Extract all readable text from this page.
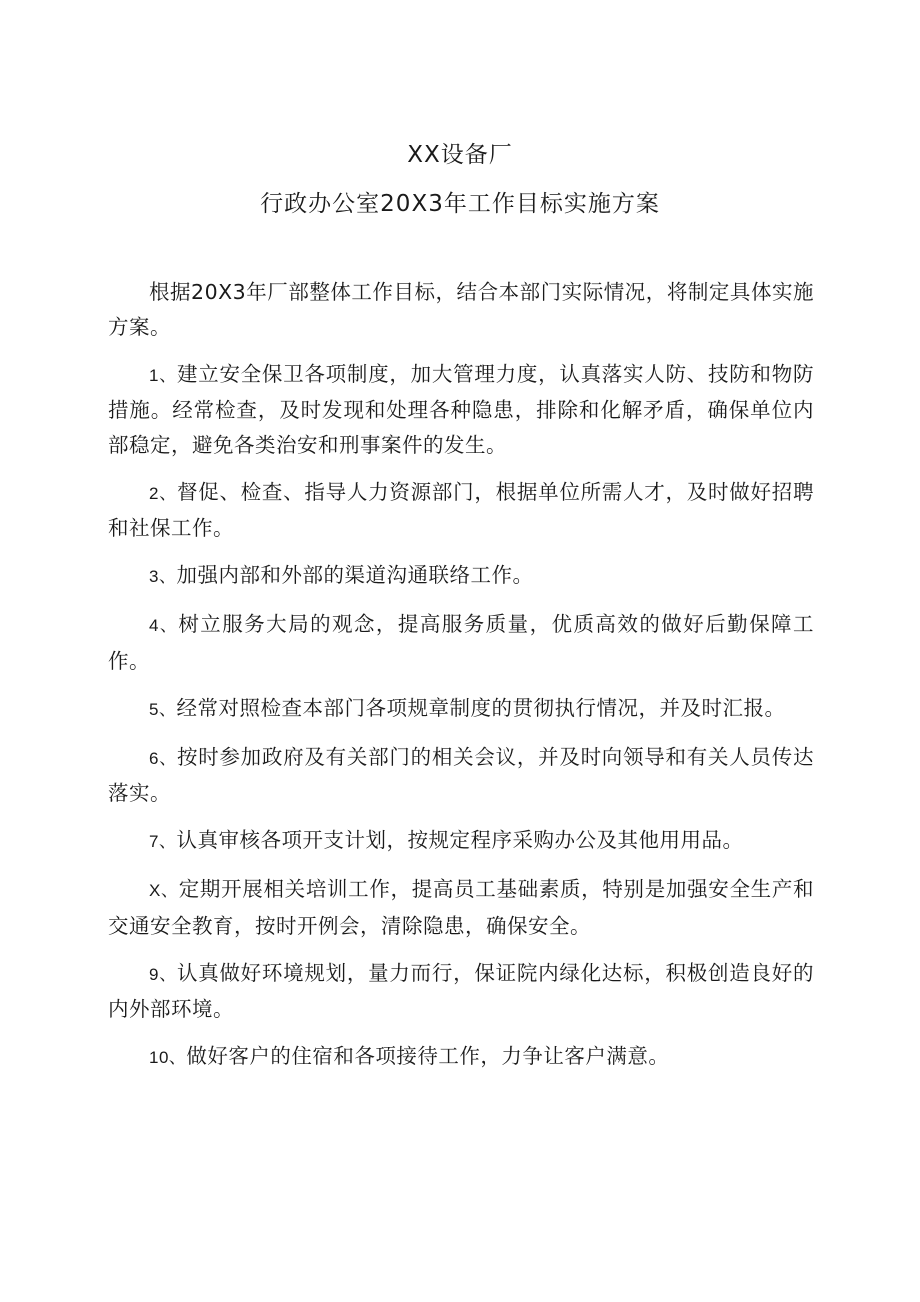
XX设备厂
行政办公室20X3年工作目标实施方案

根据20X3年厂部整体工作目标，结合本部门实际情况，将制定具体实施方案。

1、建立安全保卫各项制度，加大管理力度，认真落实人防、技防和物防措施。经常检查，及时发现和处理各种隐患，排除和化解矛盾，确保单位内部稳定，避免各类治安和刑事案件的发生。

2、督促、检查、指导人力资源部门，根据单位所需人才，及时做好招聘和社保工作。

3、加强内部和外部的渠道沟通联络工作。

4、树立服务大局的观念，提高服务质量，优质高效的做好后勤保障工作。

5、经常对照检查本部门各项规章制度的贯彻执行情况，并及时汇报。

6、按时参加政府及有关部门的相关会议，并及时向领导和有关人员传达落实。

7、认真审核各项开支计划，按规定程序采购办公及其他用用品。

X、定期开展相关培训工作，提高员工基础素质，特别是加强安全生产和交通安全教育，按时开例会，清除隐患，确保安全。

9、认真做好环境规划，量力而行，保证院内绿化达标，积极创造良好的内外部环境。

10、做好客户的住宿和各项接待工作，力争让客户满意。
